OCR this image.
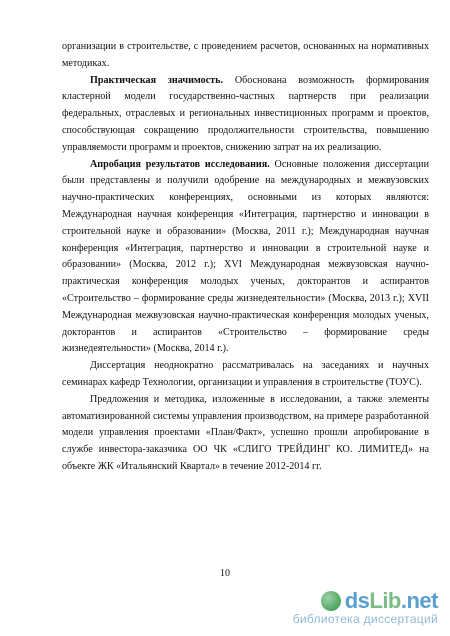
организации в строительстве, с проведением расчетов, основанных на нормативных методиках.

Практическая значимость. Обоснована возможность формирования кластерной модели государственно-частных партнерств при реализации федеральных, отраслевых и региональных инвестиционных программ и проектов, способствующая сокращению продолжительности строительства, повышению управляемости программ и проектов, снижению затрат на их реализацию.

Апробация результатов исследования. Основные положения диссертации были представлены и получили одобрение на международных и межвузовских научно-практических конференциях, основными из которых являются: Международная научная конференция «Интеграция, партнерство и инновации в строительной науке и образовании» (Москва, 2011 г.); Международная научная конференция «Интеграция, партнерство и инновации в строительной науке и образовании» (Москва, 2012 г.); XVI Международная межвузовская научно-практическая конференция молодых ученых, докторантов и аспирантов «Строительство – формирование среды жизнедеятельности» (Москва, 2013 г.); XVII Международная межвузовская научно-практическая конференция молодых ученых, докторантов и аспирантов «Строительство – формирование среды жизнедеятельности» (Москва, 2014 г.).

Диссертация неоднократно рассматривалась на заседаниях и научных семинарах кафедр Технологии, организации и управления в строительстве (ТОУС).

Предложения и методика, изложенные в исследовании, а также элементы автоматизированной системы управления производством, на примере разработанной модели управления проектами «План/Факт», успешно прошли апробирование в службе инвестора-заказчика ОО ЧК «СЛИГО ТРЕЙДИНГ КО. ЛИМИТЕД» на объекте ЖК «Итальянский Квартал» в течение 2012-2014 гг.

10
dsLib.net
библиотека диссертаций
